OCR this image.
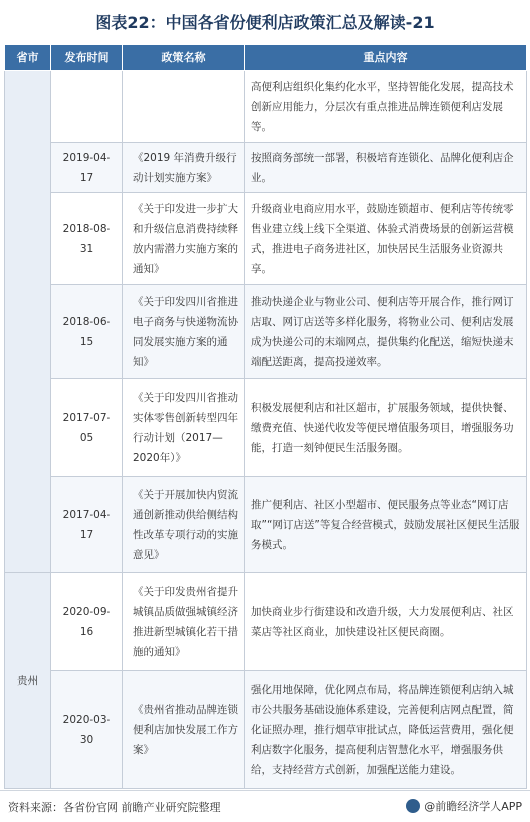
图表22：中国各省份便利店政策汇总及解读-21
省市	发布时间	政策名称	重点内容
			高便利店组织化集约化水平，坚持智能化发展，提高技术创新应用能力，分层次有重点推进品牌连锁便利店发展等。
	2019-04-17	《2019 年消费升级行动计划实施方案》	按照商务部统一部署，积极培育连锁化、品牌化便利店企业。
	2018-08-31	《关于印发进一步扩大和升级信息消费持续释放内需潜力实施方案的通知》	升级商业电商应用水平，鼓励连锁超市、便利店等传统零售业建立线上线下全渠道、体验式消费场景的创新运营模式，推进电子商务进社区，加快居民生活服务业资源共享。
	2018-06-15	《关于印发四川省推进电子商务与快递物流协同发展实施方案的通知》	推动快递企业与物业公司、便利店等开展合作，推行网订店取、网订店送等多样化服务，将物业公司、便利店发展成为快递公司的末端网点，提供集约化配送，缩短快递末端配送距离，提高投递效率。
	2017-07-05	《关于印发四川省推动实体零售创新转型四年行动计划（2017—2020年）》	积极发展便利店和社区超市，扩展服务领域，提供快餐、缴费充值、快递代收发等便民增值服务项目，增强服务功能，打造一刻钟便民生活服务圈。
	2017-04-17	《关于开展加快内贸流通创新推动供给侧结构性改革专项行动的实施意见》	推广便利店、社区小型超市、便民服务点等业态“网订店取”“网订店送”等复合经营模式，鼓励发展社区便民生活服务模式。
贵州	2020-09-16	《关于印发贵州省提升城镇品质做强城镇经济推进新型城镇化若干措施的通知》	加快商业步行街建设和改造升级，大力发展便利店、社区菜店等社区商业，加快建设社区便民商圈。
	2020-03-30	《贵州省推动品牌连锁便利店加快发展工作方案》	强化用地保障，优化网点布局，将品牌连锁便利店纳入城市公共服务基础设施体系建设，完善便利店网点配置，简化证照办理，推行烟草审批试点，降低运营费用，强化便利店数字化服务，提高便利店智慧化水平，增强服务供给，支持经营方式创新，加强配送能力建设。
资料来源：各省份官网 前瞻产业研究院整理	@前瞻经济学人APP
